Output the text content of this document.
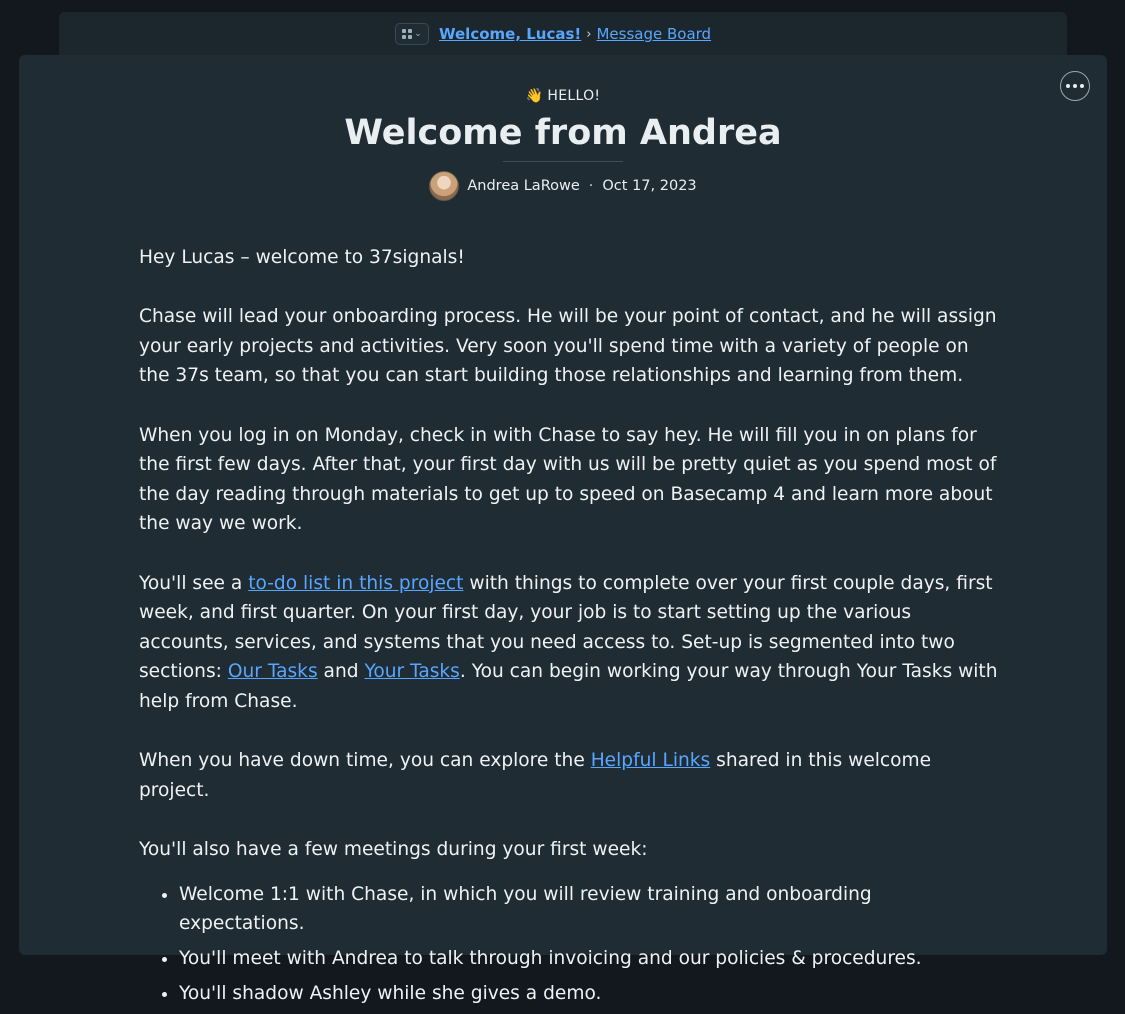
⌄ Welcome, Lucas! › Message Board
👋 HELLO!
Welcome from Andrea
Andrea LaRowe · Oct 17, 2023

Hey Lucas – welcome to 37signals!

Chase will lead your onboarding process. He will be your point of contact, and he will assign your early projects and activities. Very soon you'll spend time with a variety of people on the 37s team, so that you can start building those relationships and learning from them.

When you log in on Monday, check in with Chase to say hey. He will fill you in on plans for the first few days. After that, your first day with us will be pretty quiet as you spend most of the day reading through materials to get up to speed on Basecamp 4 and learn more about the way we work.

You'll see a to-do list in this project with things to complete over your first couple days, first week, and first quarter. On your first day, your job is to start setting up the various accounts, services, and systems that you need access to. Set-up is segmented into two sections: Our Tasks and Your Tasks. You can begin working your way through Your Tasks with help from Chase.

When you have down time, you can explore the Helpful Links shared in this welcome project.

You'll also have a few meetings during your first week:

• Welcome 1:1 with Chase, in which you will review training and onboarding expectations.
• You'll meet with Andrea to talk through invoicing and our policies & procedures.
• You'll shadow Ashley while she gives a demo.
